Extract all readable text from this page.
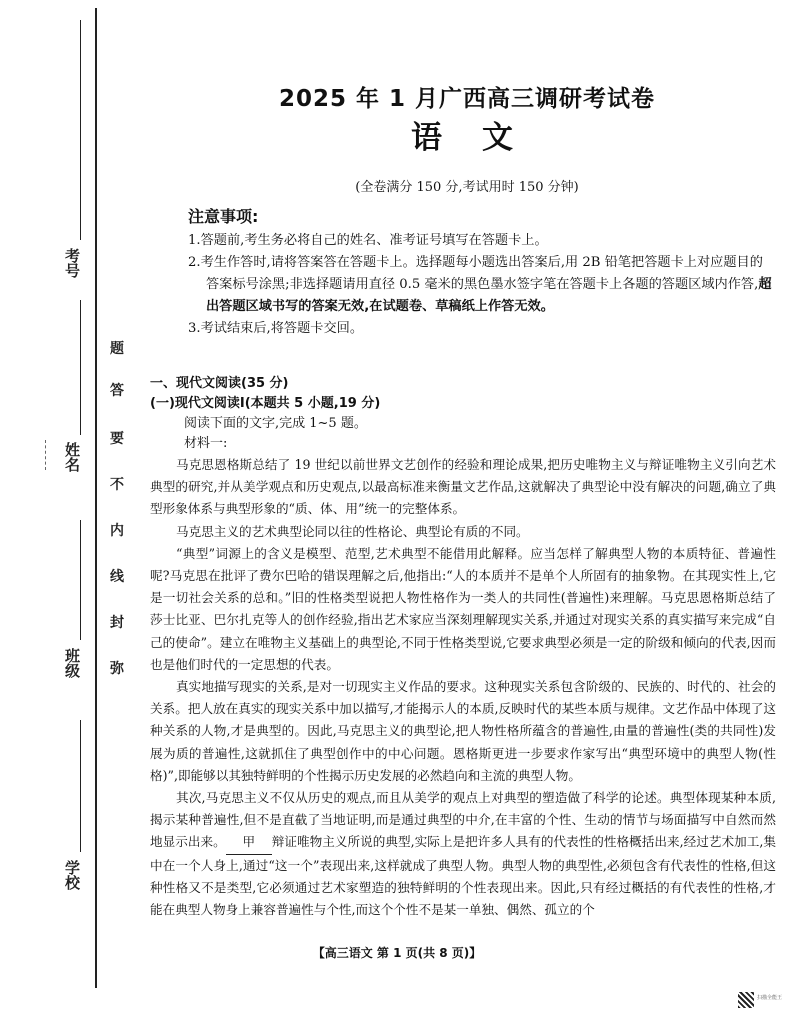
考号
姓名
班级
学校
题
答
要
不
内
线
封
弥
2025 年 1 月广西高三调研考试卷
语文
(全卷满分 150 分,考试用时 150 分钟)
注意事项:

1.答题前,考生务必将自己的姓名、准考证号填写在答题卡上。

2.考生作答时,请将答案答在答题卡上。选择题每小题选出答案后,用 2B 铅笔把答题卡上对应题目的答案标号涂黑;非选择题请用直径 0.5 毫米的黑色墨水签字笔在答题卡上各题的答题区域内作答,超出答题区域书写的答案无效,在试题卷、草稿纸上作答无效。

3.考试结束后,将答题卡交回。

一、现代文阅读(35 分)
(一)现代文阅读Ⅰ(本题共 5 小题,19 分)
阅读下面的文字,完成 1~5 题。
材料一:

马克思恩格斯总结了 19 世纪以前世界文艺创作的经验和理论成果,把历史唯物主义与辩证唯物主义引向艺术典型的研究,并从美学观点和历史观点,以最高标准来衡量文艺作品,这就解决了典型论中没有解决的问题,确立了典型形象体系与典型形象的“质、体、用”统一的完整体系。

马克思主义的艺术典型论同以往的性格论、典型论有质的不同。

“典型”词源上的含义是模型、范型,艺术典型不能借用此解释。应当怎样了解典型人物的本质特征、普遍性呢?马克思在批评了费尔巴哈的错误理解之后,他指出:“人的本质并不是单个人所固有的抽象物。在其现实性上,它是一切社会关系的总和。”旧的性格类型说把人物性格作为一类人的共同性(普遍性)来理解。马克思恩格斯总结了莎士比亚、巴尔扎克等人的创作经验,指出艺术家应当深刻理解现实关系,并通过对现实关系的真实描写来完成“自己的使命”。建立在唯物主义基础上的典型论,不同于性格类型说,它要求典型必须是一定的阶级和倾向的代表,因而也是他们时代的一定思想的代表。

真实地描写现实的关系,是对一切现实主义作品的要求。这种现实关系包含阶级的、民族的、时代的、社会的关系。把人放在真实的现实关系中加以描写,才能揭示人的本质,反映时代的某些本质与规律。文艺作品中体现了这种关系的人物,才是典型的。因此,马克思主义的典型论,把人物性格所蕴含的普遍性,由量的普遍性(类的共同性)发展为质的普遍性,这就抓住了典型创作中的中心问题。恩格斯更进一步要求作家写出“典型环境中的典型人物(性格)”,即能够以其独特鲜明的个性揭示历史发展的必然趋向和主流的典型人物。

其次,马克思主义不仅从历史的观点,而且从美学的观点上对典型的塑造做了科学的论述。典型体现某种本质,揭示某种普遍性,但不是直截了当地证明,而是通过典型的中介,在丰富的个性、生动的情节与场面描写中自然而然地显示出来。 甲 辩证唯物主义所说的典型,实际上是把许多人具有的代表性的性格概括出来,经过艺术加工,集中在一个人身上,通过“这一个”表现出来,这样就成了典型人物。典型人物的典型性,必须包含有代表性的性格,但这种性格又不是类型,它必须通过艺术家塑造的独特鲜明的个性表现出来。因此,只有经过概括的有代表性的性格,才能在典型人物身上兼容普遍性与个性,而这个个性不是某一单独、偶然、孤立的个

【高三语文 第 1 页(共 8 页)】
扫描全能王
